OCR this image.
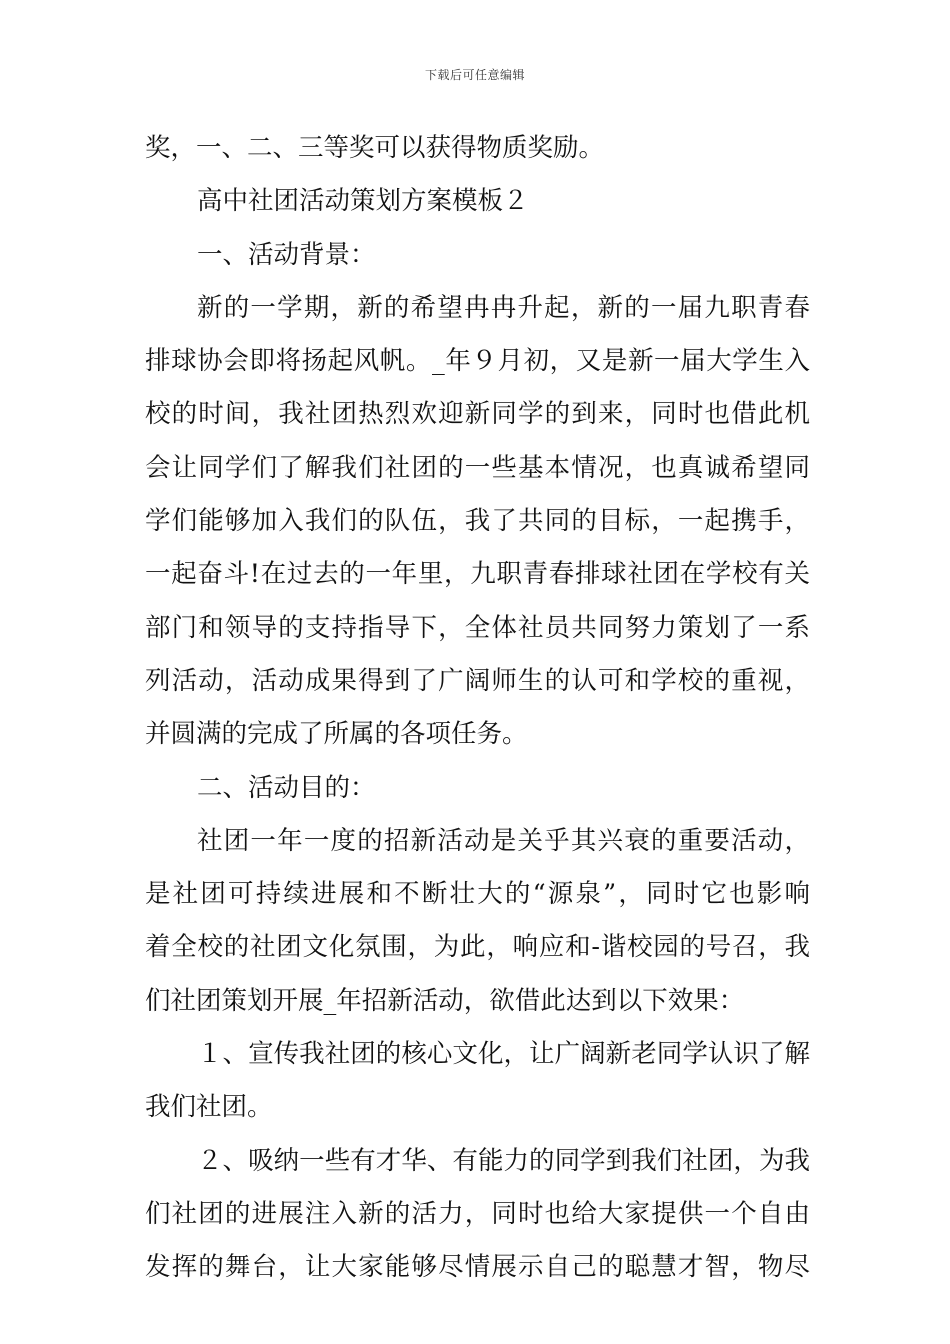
下载后可任意编辑
奖，一、二、三等奖可以获得物质奖励。
高中社团活动策划方案模板２
一、活动背景：
新的一学期，新的希望冉冉升起，新的一届九职青春
排球协会即将扬起风帆。_年９月初，又是新一届大学生入
校的时间，我社团热烈欢迎新同学的到来，同时也借此机
会让同学们了解我们社团的一些基本情况，也真诚希望同
学们能够加入我们的队伍，我了共同的目标，一起携手，
一起奋斗!在过去的一年里，九职青春排球社团在学校有关
部门和领导的支持指导下，全体社员共同努力策划了一系
列活动，活动成果得到了广阔师生的认可和学校的重视，
并圆满的完成了所属的各项任务。
二、活动目的：
社团一年一度的招新活动是关乎其兴衰的重要活动，
是社团可持续进展和不断壮大的“源泉”，同时它也影响
着全校的社团文化氛围，为此，响应和-谐校园的号召，我
们社团策划开展_年招新活动，欲借此达到以下效果：
１、宣传我社团的核心文化，让广阔新老同学认识了解
我们社团。
２、吸纳一些有才华、有能力的同学到我们社团，为我
们社团的进展注入新的活力，同时也给大家提供一个自由
发挥的舞台，让大家能够尽情展示自己的聪慧才智，物尽
